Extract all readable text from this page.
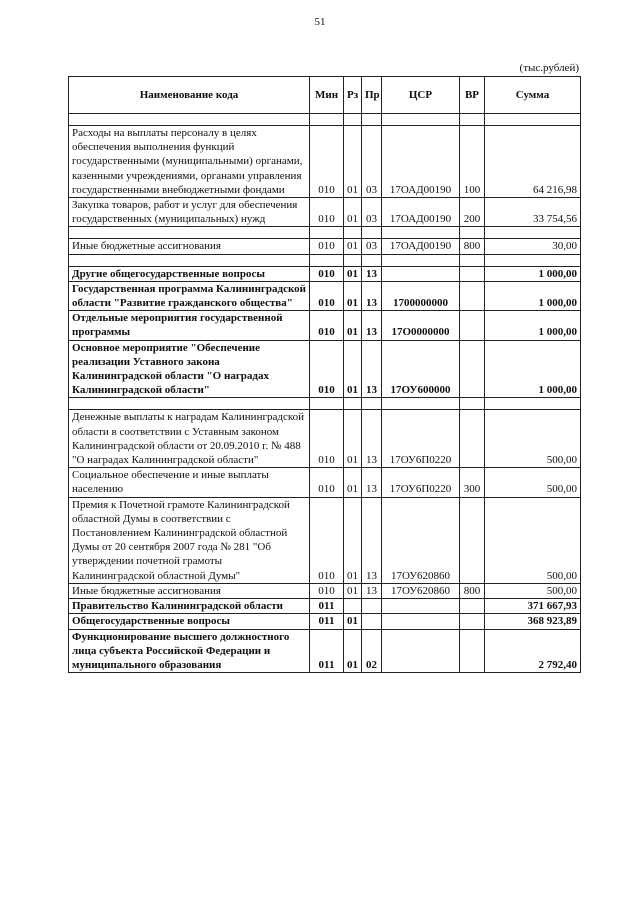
51
(тыс.рублей)
Наименование кода	Мин	Рз	Пр	ЦСР	ВР	Сумма

Расходы на выплаты персоналу в целях обеспечения выполнения функций государственными (муниципальными) органами, казенными учреждениями, органами управления государственными внебюджетными фондами	010	01	03	17ОАД00190	100	64 216,98
Закупка товаров, работ и услуг для обеспечения государственных (муниципальных) нужд	010	01	03	17ОАД00190	200	33 754,56

Иные бюджетные ассигнования	010	01	03	17ОАД00190	800	30,00

Другие общегосударственные вопросы	010	01	13			1 000,00
Государственная программа Калининградской области "Развитие гражданского общества"	010	01	13	1700000000		1 000,00
Отдельные мероприятия государственной программы	010	01	13	17О0000000		1 000,00
Основное мероприятие "Обеспечение реализации Уставного закона Калининградской области "О наградах Калининградской области"	010	01	13	17ОУ600000		1 000,00

Денежные выплаты к наградам Калининградской области в соответствии с Уставным законом Калининградской области от 20.09.2010 г. № 488 "О наградах Калининградской области"	010	01	13	17ОУ6П0220		500,00
Социальное обеспечение и иные выплаты населению	010	01	13	17ОУ6П0220	300	500,00
Премия к Почетной грамоте Калининградской областной Думы в соответствии с Постановлением Калининградской областной Думы от 20 сентября 2007 года № 281 "Об утверждении почетной грамоты Калининградской областной Думы"	010	01	13	17ОУ620860		500,00
Иные бюджетные ассигнования	010	01	13	17ОУ620860	800	500,00
Правительство Калининградской области	011					371 667,93
Общегосударственные вопросы	011	01				368 923,89
Функционирование высшего должностного лица субъекта Российской Федерации и муниципального образования	011	01	02			2 792,40
